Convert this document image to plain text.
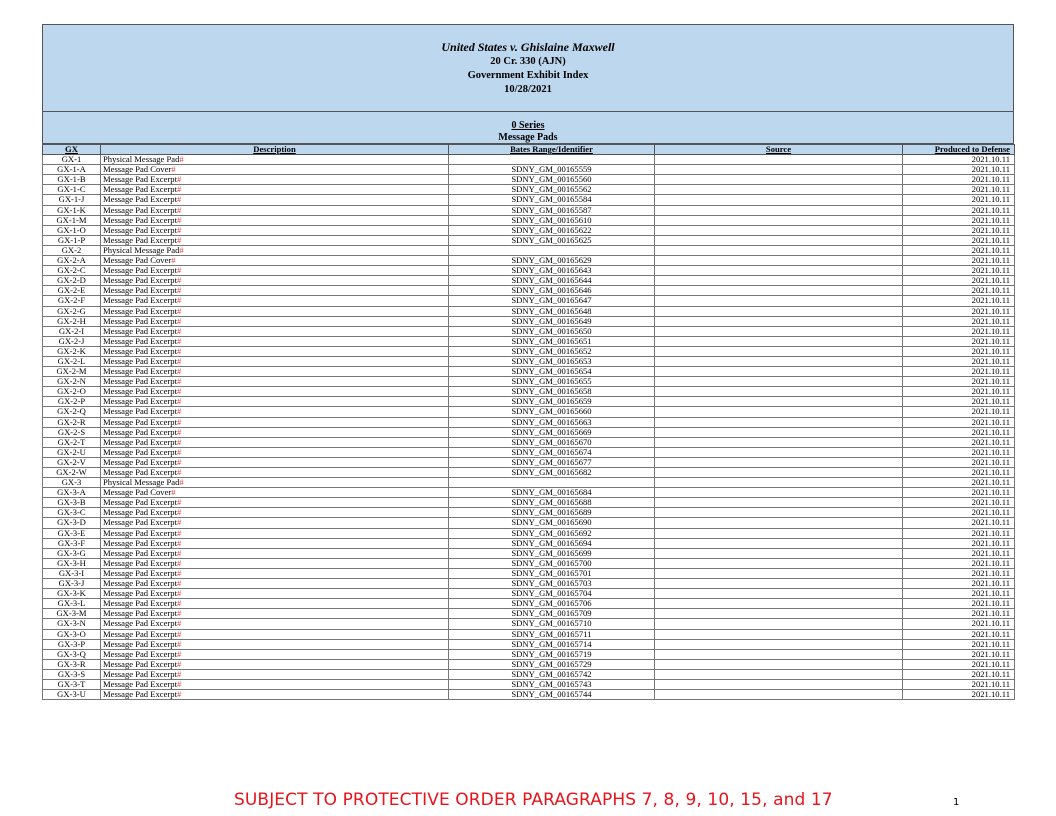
United States v. Ghislaine Maxwell
20 Cr. 330 (AJN)
Government Exhibit Index
10/28/2021
0 Series
Message Pads
GX	Description	Bates Range/Identifier	Source	Produced to Defense
GX-1	Physical Message Pad#			2021.10.11
GX-1-A	Message Pad Cover#	SDNY_GM_00165559		2021.10.11
GX-1-B	Message Pad Excerpt#	SDNY_GM_00165560		2021.10.11
GX-1-C	Message Pad Excerpt#	SDNY_GM_00165562		2021.10.11
GX-1-J	Message Pad Excerpt#	SDNY_GM_00165584		2021.10.11
GX-1-K	Message Pad Excerpt#	SDNY_GM_00165587		2021.10.11
GX-1-M	Message Pad Excerpt#	SDNY_GM_00165610		2021.10.11
GX-1-O	Message Pad Excerpt#	SDNY_GM_00165622		2021.10.11
GX-1-P	Message Pad Excerpt#	SDNY_GM_00165625		2021.10.11
GX-2	Physical Message Pad#			2021.10.11
GX-2-A	Message Pad Cover#	SDNY_GM_00165629		2021.10.11
GX-2-C	Message Pad Excerpt#	SDNY_GM_00165643		2021.10.11
GX-2-D	Message Pad Excerpt#	SDNY_GM_00165644		2021.10.11
GX-2-E	Message Pad Excerpt#	SDNY_GM_00165646		2021.10.11
GX-2-F	Message Pad Excerpt#	SDNY_GM_00165647		2021.10.11
GX-2-G	Message Pad Excerpt#	SDNY_GM_00165648		2021.10.11
GX-2-H	Message Pad Excerpt#	SDNY_GM_00165649		2021.10.11
GX-2-I	Message Pad Excerpt#	SDNY_GM_00165650		2021.10.11
GX-2-J	Message Pad Excerpt#	SDNY_GM_00165651		2021.10.11
GX-2-K	Message Pad Excerpt#	SDNY_GM_00165652		2021.10.11
GX-2-L	Message Pad Excerpt#	SDNY_GM_00165653		2021.10.11
GX-2-M	Message Pad Excerpt#	SDNY_GM_00165654		2021.10.11
GX-2-N	Message Pad Excerpt#	SDNY_GM_00165655		2021.10.11
GX-2-O	Message Pad Excerpt#	SDNY_GM_00165658		2021.10.11
GX-2-P	Message Pad Excerpt#	SDNY_GM_00165659		2021.10.11
GX-2-Q	Message Pad Excerpt#	SDNY_GM_00165660		2021.10.11
GX-2-R	Message Pad Excerpt#	SDNY_GM_00165663		2021.10.11
GX-2-S	Message Pad Excerpt#	SDNY_GM_00165669		2021.10.11
GX-2-T	Message Pad Excerpt#	SDNY_GM_00165670		2021.10.11
GX-2-U	Message Pad Excerpt#	SDNY_GM_00165674		2021.10.11
GX-2-V	Message Pad Excerpt#	SDNY_GM_00165677		2021.10.11
GX-2-W	Message Pad Excerpt#	SDNY_GM_00165682		2021.10.11
GX-3	Physical Message Pad#			2021.10.11
GX-3-A	Message Pad Cover#	SDNY_GM_00165684		2021.10.11
GX-3-B	Message Pad Excerpt#	SDNY_GM_00165688		2021.10.11
GX-3-C	Message Pad Excerpt#	SDNY_GM_00165689		2021.10.11
GX-3-D	Message Pad Excerpt#	SDNY_GM_00165690		2021.10.11
GX-3-E	Message Pad Excerpt#	SDNY_GM_00165692		2021.10.11
GX-3-F	Message Pad Excerpt#	SDNY_GM_00165694		2021.10.11
GX-3-G	Message Pad Excerpt#	SDNY_GM_00165699		2021.10.11
GX-3-H	Message Pad Excerpt#	SDNY_GM_00165700		2021.10.11
GX-3-I	Message Pad Excerpt#	SDNY_GM_00165701		2021.10.11
GX-3-J	Message Pad Excerpt#	SDNY_GM_00165703		2021.10.11
GX-3-K	Message Pad Excerpt#	SDNY_GM_00165704		2021.10.11
GX-3-L	Message Pad Excerpt#	SDNY_GM_00165706		2021.10.11
GX-3-M	Message Pad Excerpt#	SDNY_GM_00165709		2021.10.11
GX-3-N	Message Pad Excerpt#	SDNY_GM_00165710		2021.10.11
GX-3-O	Message Pad Excerpt#	SDNY_GM_00165711		2021.10.11
GX-3-P	Message Pad Excerpt#	SDNY_GM_00165714		2021.10.11
GX-3-Q	Message Pad Excerpt#	SDNY_GM_00165719		2021.10.11
GX-3-R	Message Pad Excerpt#	SDNY_GM_00165729		2021.10.11
GX-3-S	Message Pad Excerpt#	SDNY_GM_00165742		2021.10.11
GX-3-T	Message Pad Excerpt#	SDNY_GM_00165743		2021.10.11
GX-3-U	Message Pad Excerpt#	SDNY_GM_00165744		2021.10.11
SUBJECT TO PROTECTIVE ORDER PARAGRAPHS 7, 8, 9, 10, 15, and 17	1
